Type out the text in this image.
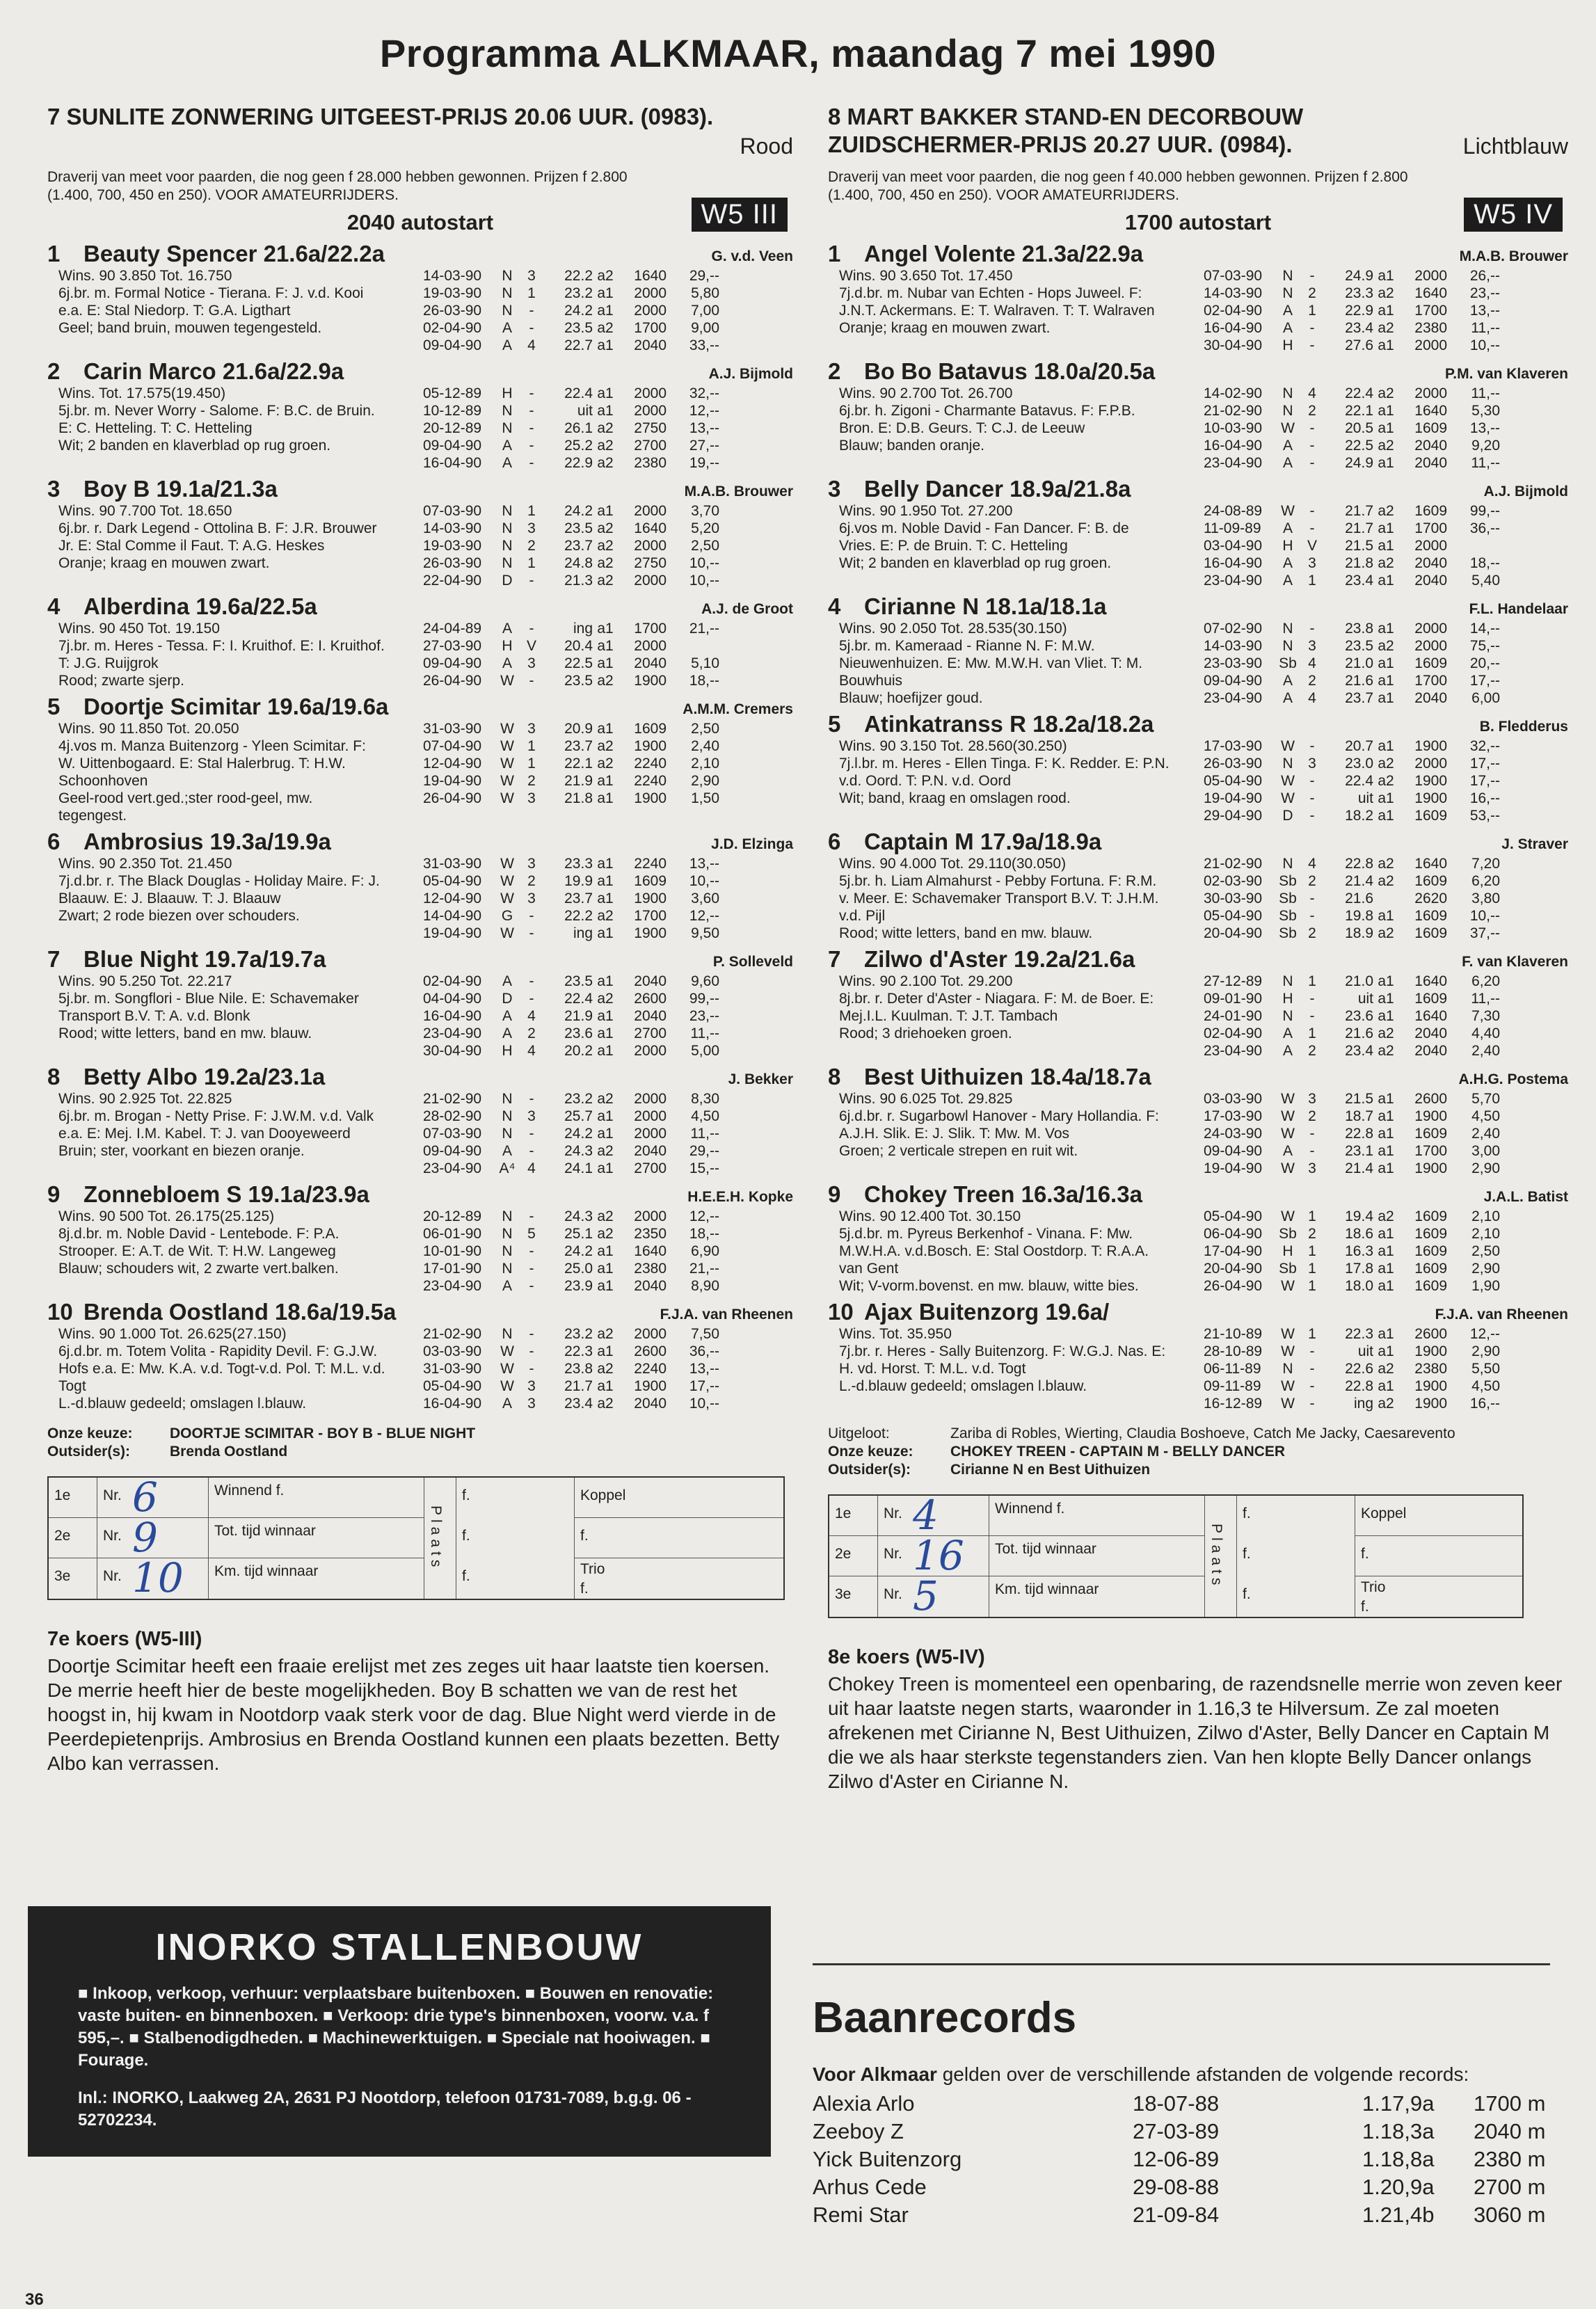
Programma ALKMAAR, maandag 7 mei 1990
7 SUNLITE ZONWERING UITGEEST-PRIJS 20.06 UUR. (0983).
Rood
Draverij van meet voor paarden, die nog geen f 28.000 hebben gewonnen. Prijzen f 2.800 (1.400, 700, 450 en 250). VOOR AMATEURRIJDERS.
W5 III
2040 autostart
1	Beauty Spencer 21.6a/22.2a
Wins. 90 3.850 Tot. 16.750
6j.br. m. Formal Notice - Tierana. F: J. v.d. Kooi
e.a. E: Stal Niedorp. T: G.A. Ligthart
Geel; band bruin, mouwen tegengesteld.
G. v.d. Veen
14-03-90	N	3	22.2 a2	1640	29,--
19-03-90	N	1	23.2 a1	2000	5,80
26-03-90	N	-	24.2 a1	2000	7,00
02-04-90	A	-	23.5 a2	1700	9,00
09-04-90	A	4	22.7 a1	2040	33,--
2	Carin Marco 21.6a/22.9a
Wins. Tot. 17.575(19.450)
5j.br. m. Never Worry - Salome. F: B.C. de Bruin.
E: C. Hetteling. T: C. Hetteling
Wit; 2 banden en klaverblad op rug groen.
A.J. Bijmold
05-12-89	H	-	22.4 a1	2000	32,--
10-12-89	N	-	uit a1	2000	12,--
20-12-89	N	-	26.1 a2	2750	13,--
09-04-90	A	-	25.2 a2	2700	27,--
16-04-90	A	-	22.9 a2	2380	19,--
3	Boy B 19.1a/21.3a
Wins. 90 7.700 Tot. 18.650
6j.br. r. Dark Legend - Ottolina B. F: J.R. Brouwer
Jr. E: Stal Comme il Faut. T: A.G. Heskes
Oranje; kraag en mouwen zwart.
M.A.B. Brouwer
07-03-90	N	1	24.2 a1	2000	3,70
14-03-90	N	3	23.5 a2	1640	5,20
19-03-90	N	2	23.7 a2	2000	2,50
26-03-90	N	1	24.8 a2	2750	10,--
22-04-90	D	-	21.3 a2	2000	10,--
4	Alberdina 19.6a/22.5a
Wins. 90 450 Tot. 19.150
7j.br. m. Heres - Tessa. F: I. Kruithof. E: I. Kruithof.
T: J.G. Ruijgrok
Rood; zwarte sjerp.
A.J. de Groot
24-04-89	A	-	ing a1	1700	21,--
27-03-90	H V	20.4 a1	2000
09-04-90	A	3	22.5 a1	2040	5,10
26-04-90	W	-	23.5 a2	1900	18,--
5	Doortje Scimitar 19.6a/19.6a
Wins. 90 11.850 Tot. 20.050
4j.vos m. Manza Buitenzorg - Yleen Scimitar. F:
W. Uittenbogaard. E: Stal Halerbrug. T: H.W.
Schoonhoven
Geel-rood vert.ged.;ster rood-geel, mw.
tegengest.
A.M.M. Cremers
31-03-90	W 3	20.9 a1	1609	2,50
07-04-90	W 1	23.7 a2	1900	2,40
12-04-90	W 1	22.1 a2	2240	2,10
19-04-90	W 2	21.9 a1	2240	2,90
26-04-90	W 3	21.8 a1	1900	1,50
6	Ambrosius 19.3a/19.9a
Wins. 90 2.350 Tot. 21.450
7j.d.br. r. The Black Douglas - Holiday Maire. F: J.
Blaauw. E: J. Blaauw. T: J. Blaauw
Zwart; 2 rode biezen over schouders.
J.D. Elzinga
31-03-90	W 3	23.3 a1	2240	13,--
05-04-90	W 2	19.9 a1	1609	10,--
12-04-90	W 3	23.7 a1	1900	3,60
14-04-90	G	-	22.2 a2	1700	12,--
19-04-90	W	-	ing a1	1900	9,50
7	Blue Night 19.7a/19.7a
Wins. 90 5.250 Tot. 22.217
5j.br. m. Songflori - Blue Nile. E: Schavemaker
Transport B.V. T: A. v.d. Blonk
Rood; witte letters, band en mw. blauw.
P. Solleveld
02-04-90	A	-	23.5 a1	2040	9,60
04-04-90	D	-	22.4 a2	2600	99,--
16-04-90	A	4	21.9 a1	2040	23,--
23-04-90	A	2	23.6 a1	2700	11,--
30-04-90	H	4	20.2 a1	2000	5,00
8	Betty Albo 19.2a/23.1a
Wins. 90 2.925 Tot. 22.825
6j.br. m. Brogan - Netty Prise. F: J.W.M. v.d. Valk
e.a. E: Mej. I.M. Kabel. T: J. van Dooyeweerd
Bruin; ster, voorkant en biezen oranje.
J. Bekker
21-02-90	N	-	23.2 a2	2000	8,30
28-02-90	N	3	25.7 a1	2000	4,50
07-03-90	N	-	24.2 a1	2000	11,--
09-04-90	A	-	24.3 a2	2040	29,--
23-04-90	A⁴ 4	24.1 a1	2700	15,--
9	Zonnebloem S 19.1a/23.9a
Wins. 90 500 Tot. 26.175(25.125)
8j.d.br. m. Noble David - Lentebode. F: P.A.
Strooper. E: A.T. de Wit. T: H.W. Langeweg
Blauw; schouders wit, 2 zwarte vert.balken.
H.E.E.H. Kopke
20-12-89	N	-	24.3 a2	2000	12,--
06-01-90	N	5	25.1 a2	2350	18,--
10-01-90	N	-	24.2 a1	1640	6,90
17-01-90	N	-	25.0 a1	2380	21,--
23-04-90	A	-	23.9 a1	2040	8,90
10 Brenda Oostland 18.6a/19.5a
Wins. 90 1.000 Tot. 26.625(27.150)
6j.d.br. m. Totem Volita - Rapidity Devil. F: G.J.W.
Hofs e.a. E: Mw. K.A. v.d. Togt-v.d. Pol. T: M.L. v.d.
Togt
L.-d.blauw gedeeld; omslagen l.blauw.
F.J.A. van Rheenen
21-02-90	N	-	23.2 a2	2000	7,50
03-03-90	W	-	22.3 a1	2600	36,--
31-03-90	W	-	23.8 a2	2240	13,--
05-04-90	W 3	21.7 a1	1900	17,--
16-04-90	A	3	23.4 a2	2040	10,--
Onze keuze:	DOORTJE SCIMITAR - BOY B - BLUE NIGHT
Outsider(s):	Brenda Oostland
1e	Nr. 6	Winnend f.
2e	Nr. 9	Tot. tijd winnaar
3e	Nr. 10	Km. tijd winnaar
Plaats
f.
f.
f.
Koppel
f.
Trio
f.
7e koers (W5-III)

Doortje Scimitar heeft een fraaie erelijst met zes zeges uit haar laatste tien koersen. De merrie heeft hier de beste mogelijkheden. Boy B schatten we van de rest het hoogst in, hij kwam in Nootdorp vaak sterk voor de dag. Blue Night werd vierde in de Peerdepietenprijs. Ambrosius en Brenda Oostland kunnen een plaats bezetten. Betty Albo kan verrassen.

8 MART BAKKER STAND-EN DECORBOUW
ZUIDSCHERMER-PRIJS 20.27 UUR. (0984).	Lichtblauw
Draverij van meet voor paarden, die nog geen f 40.000 hebben gewonnen. Prijzen f 2.800 (1.400, 700, 450 en 250). VOOR AMATEURRIJDERS.
W5 IV
1700 autostart
1	Angel Volente 21.3a/22.9a
Wins. 90 3.650 Tot. 17.450
7j.d.br. m. Nubar van Echten - Hops Juweel. F:
J.N.T. Ackermans. E: T. Walraven. T: T. Walraven
Oranje; kraag en mouwen zwart.
M.A.B. Brouwer
07-03-90	N	-	24.9 a1	2000	26,--
14-03-90	N	2	23.3 a2	1640	23,--
02-04-90	A	1	22.9 a1	1700	13,--
16-04-90	A	-	23.4 a2	2380	11,--
30-04-90	H	-	27.6 a1	2000	10,--
2	Bo Bo Batavus 18.0a/20.5a
Wins. 90 2.700 Tot. 26.700
6j.br. h. Zigoni - Charmante Batavus. F: F.P.B.
Bron. E: D.B. Geurs. T: C.J. de Leeuw
Blauw; banden oranje.
P.M. van Klaveren
14-02-90	N	4	22.4 a2	2000	11,--
21-02-90	N	2	22.1 a1	1640	5,30
10-03-90	W	-	20.5 a1	1609	13,--
16-04-90	A	-	22.5 a2	2040	9,20
23-04-90	A	-	24.9 a1	2040	11,--
3	Belly Dancer 18.9a/21.8a
Wins. 90 1.950 Tot. 27.200
6j.vos m. Noble David - Fan Dancer. F: B. de
Vries. E: P. de Bruin. T: C. Hetteling
Wit; 2 banden en klaverblad op rug groen.
A.J. Bijmold
24-08-89	W	-	21.7 a2	1609	99,--
11-09-89	A	-	21.7 a1	1700	36,--
03-04-90	H V	21.5 a1	2000
16-04-90	A	3	21.8 a2	2040	18,--
23-04-90	A	1	23.4 a1	2040	5,40
4	Cirianne N 18.1a/18.1a
Wins. 90 2.050 Tot. 28.535(30.150)
5j.br. m. Kameraad - Rianne N. F: M.W.
Nieuwenhuizen. E: Mw. M.W.H. van Vliet. T: M.
Bouwhuis
Blauw; hoefijzer goud.
F.L. Handelaar
07-02-90	N	-	23.8 a1	2000	14,--
14-03-90	N	3	23.5 a2	2000	75,--
23-03-90	Sb 4	21.0 a1	1609	20,--
09-04-90	A	2	21.6 a1	1700	17,--
23-04-90	A	4	23.7 a1	2040	6,00
5	Atinkatranss R 18.2a/18.2a
Wins. 90 3.150 Tot. 28.560(30.250)
7j.l.br. m. Heres - Ellen Tinga. F: K. Redder. E: P.N.
v.d. Oord. T: P.N. v.d. Oord
Wit; band, kraag en omslagen rood.
B. Fledderus
17-03-90	W	-	20.7 a1	1900	32,--
26-03-90	N	3	23.0 a2	2000	17,--
05-04-90	W	-	22.4 a2	1900	17,--
19-04-90	W	-	uit a1	1900	16,--
29-04-90	D	-	18.2 a1	1609	53,--
6	Captain M 17.9a/18.9a
Wins. 90 4.000 Tot. 29.110(30.050)
5j.br. h. Liam Almahurst - Pebby Fortuna. F: R.M.
v. Meer. E: Schavemaker Transport B.V. T: J.H.M.
v.d. Pijl
Rood; witte letters, band en mw. blauw.
J. Straver
21-02-90	N	4	22.8 a2	1640	7,20
02-03-90	Sb 2	21.4 a2	1609	6,20
30-03-90	Sb -	21.6	2620	3,80
05-04-90	Sb -	19.8 a1	1609	10,--
20-04-90	Sb 2	18.9 a2	1609	37,--
7	Zilwo d'Aster 19.2a/21.6a
Wins. 90 2.100 Tot. 29.200
8j.br. r. Deter d'Aster - Niagara. F: M. de Boer. E:
Mej.I.L. Kuulman. T: J.T. Tambach
Rood; 3 driehoeken groen.
F. van Klaveren
27-12-89	N	1	21.0 a1	1640	6,20
09-01-90	H	-	uit a1	1609	11,--
24-01-90	N	-	23.6 a1	1640	7,30
02-04-90	A	1	21.6 a2	2040	4,40
23-04-90	A	2	23.4 a2	2040	2,40
8	Best Uithuizen 18.4a/18.7a
Wins. 90 6.025 Tot. 29.825
6j.d.br. r. Sugarbowl Hanover - Mary Hollandia. F:
A.J.H. Slik. E: J. Slik. T: Mw. M. Vos
Groen; 2 verticale strepen en ruit wit.
A.H.G. Postema
03-03-90	W 3	21.5 a1	2600	5,70
17-03-90	W 2	18.7 a1	1900	4,50
24-03-90	W	-	22.8 a1	1609	2,40
09-04-90	A	-	23.1 a1	1700	3,00
19-04-90	W 3	21.4 a1	1900	2,90
9	Chokey Treen 16.3a/16.3a
Wins. 90 12.400 Tot. 30.150
5j.d.br. m. Pyreus Berkenhof - Vinana. F: Mw.
M.W.H.A. v.d.Bosch. E: Stal Oostdorp. T: R.A.A.
van Gent
Wit; V-vorm.bovenst. en mw. blauw, witte bies.
J.A.L. Batist
05-04-90	W 1	19.4 a2	1609	2,10
06-04-90	Sb 2	18.6 a1	1609	2,10
17-04-90	H	1	16.3 a1	1609	2,50
20-04-90	Sb 1	17.8 a1	1609	2,90
26-04-90	W 1	18.0 a1	1609	1,90
10 Ajax Buitenzorg 19.6a/
Wins. Tot. 35.950
7j.br. r. Heres - Sally Buitenzorg. F: W.G.J. Nas. E:
H. vd. Horst. T: M.L. v.d. Togt
L.-d.blauw gedeeld; omslagen l.blauw.
F.J.A. van Rheenen
21-10-89	W 1	22.3 a1	2600	12,--
28-10-89	W	-	uit a1	1900	2,90
06-11-89	N	-	22.6 a2	2380	5,50
09-11-89	W	-	22.8 a1	1900	4,50
16-12-89	W	-	ing a2	1900	16,--
Uitgeloot:	Zariba di Robles, Wierting, Claudia Boshoeve, Catch Me Jacky, Caesarevento
Onze keuze:	CHOKEY TREEN - CAPTAIN M - BELLY DANCER
Outsider(s):	Cirianne N en Best Uithuizen
1e	Nr. 4	Winnend f.
2e	Nr. 16	Tot. tijd winnaar
3e	Nr. 5	Km. tijd winnaar
Plaats
f.
f.
f.
Koppel
f.
Trio
f.
8e koers (W5-IV)

Chokey Treen is momenteel een openbaring, de razendsnelle merrie won zeven keer uit haar laatste negen starts, waaronder in 1.16,3 te Hilversum. Ze zal moeten afrekenen met Cirianne N, Best Uithuizen, Zilwo d'Aster, Belly Dancer en Captain M die we als haar sterkste tegenstanders zien. Van hen klopte Belly Dancer onlangs Zilwo d'Aster en Cirianne N.

INORKO STALLENBOUW
■ Inkoop, verkoop, verhuur: verplaatsbare buitenboxen. ■ Bouwen en renovatie: vaste buiten- en binnenboxen. ■ Verkoop: drie type's binnenboxen, voorw. v.a. f 595,–. ■ Stalbenodigdheden. ■ Machinewerktuigen. ■ Speciale nat hooiwagen. ■ Fourage.
Inl.: INORKO, Laakweg 2A, 2631 PJ Nootdorp, telefoon 01731-7089, b.g.g. 06 - 52702234.
Baanrecords
Voor Alkmaar gelden over de verschillende afstanden de volgende records:
Alexia Arlo	18-07-88	1.17,9a	1700 m
Zeeboy Z	27-03-89	1.18,3a	2040 m
Yick Buitenzorg	12-06-89	1.18,8a	2380 m
Arhus Cede	29-08-88	1.20,9a	2700 m
Remi Star	21-09-84	1.21,4b	3060 m
36
